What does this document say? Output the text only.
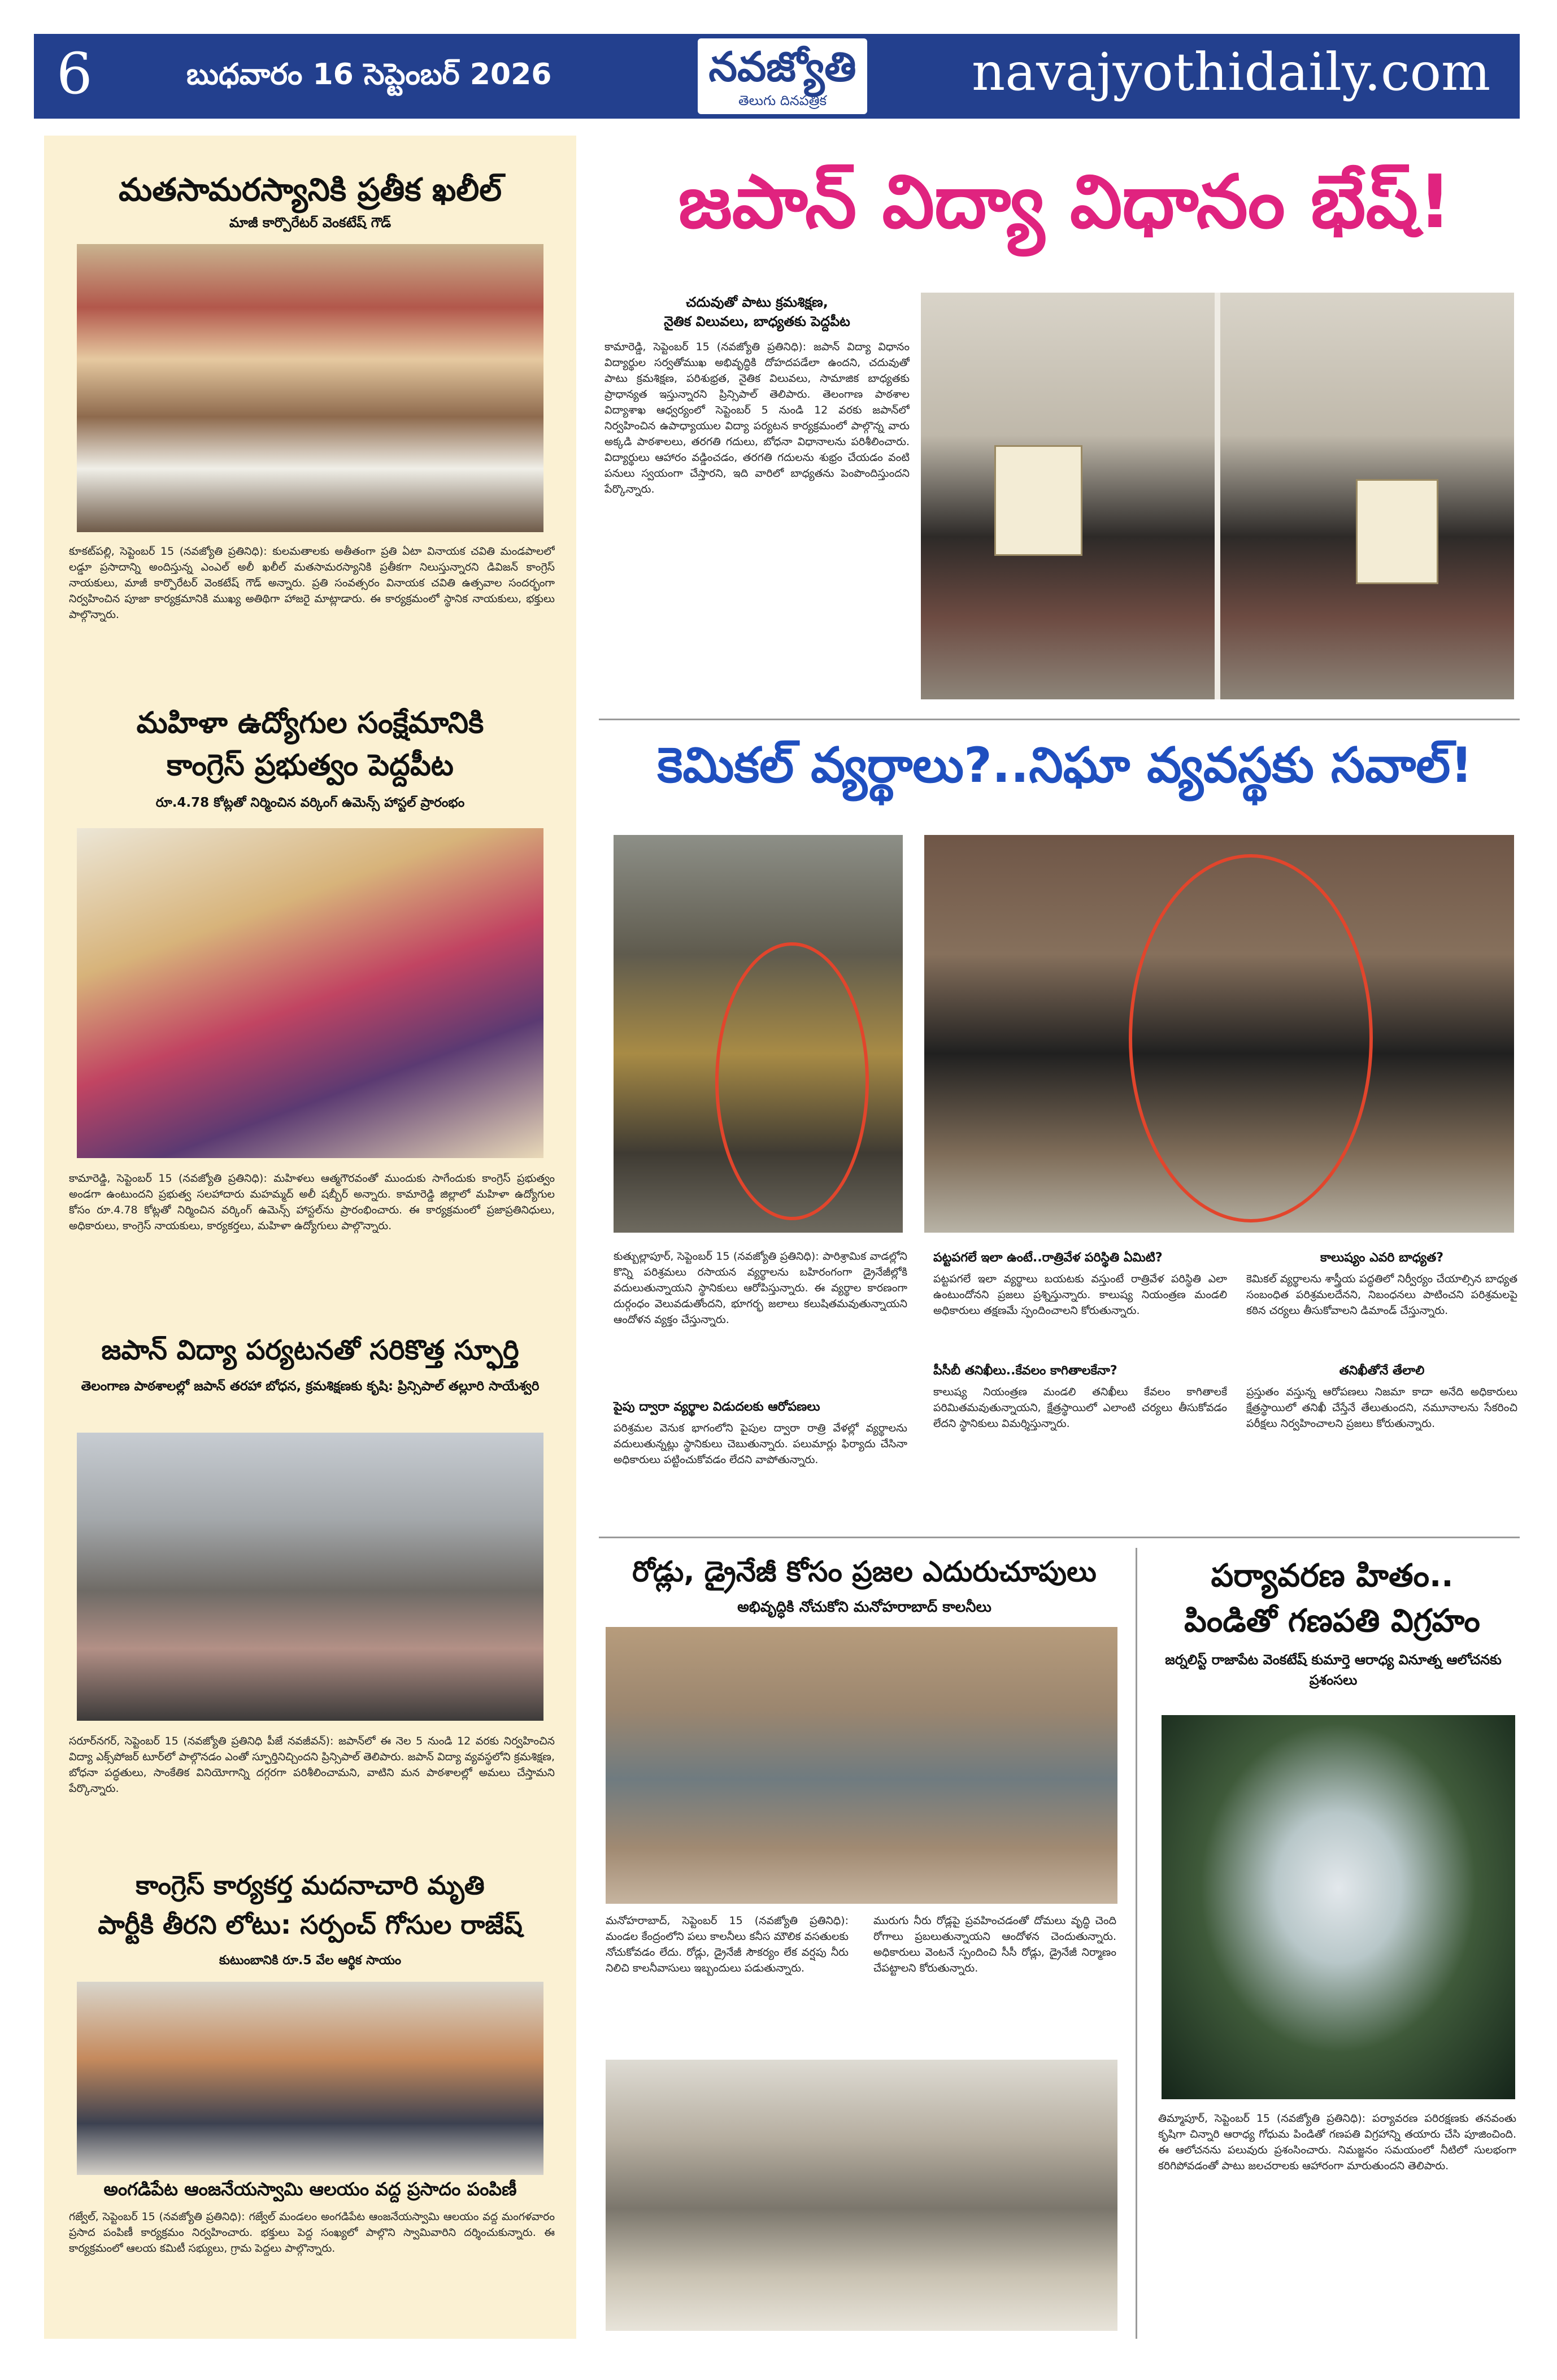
6	బుధవారం 16 సెప్టెంబర్ 2026	నవజ్యోతి
తెలుగు దినపత్రిక	navajyothidaily.com
మతసామరస్యానికి ప్రతీక ఖలీల్
మాజీ కార్పొరేటర్ వెంకటేష్ గౌడ్
కూకట్‌పల్లి, సెప్టెంబర్ 15 (నవజ్యోతి ప్రతినిధి): కులమతాలకు అతీతంగా ప్రతి ఏటా వినాయక చవితి మండపాలలో లడ్డూ ప్రసాదాన్ని అందిస్తున్న ఎంఎల్ అలీ ఖలీల్ మతసామరస్యానికి ప్రతీకగా నిలుస్తున్నారని డివిజన్ కాంగ్రెస్ నాయకులు, మాజీ కార్పొరేటర్ వెంకటేష్ గౌడ్ అన్నారు. ప్రతి సంవత్సరం వినాయక చవితి ఉత్సవాల సందర్భంగా నిర్వహించిన పూజా కార్యక్రమానికి ముఖ్య అతిథిగా హాజరై మాట్లాడారు. ఈ కార్యక్రమంలో స్థానిక నాయకులు, భక్తులు పాల్గొన్నారు.
మహిళా ఉద్యోగుల సంక్షేమానికి
కాంగ్రెస్ ప్రభుత్వం పెద్దపీట
రూ.4.78 కోట్లతో నిర్మించిన వర్కింగ్ ఉమెన్స్ హాస్టల్ ప్రారంభం
కామారెడ్డి, సెప్టెంబర్ 15 (నవజ్యోతి ప్రతినిధి): మహిళలు ఆత్మగౌరవంతో ముందుకు సాగేందుకు కాంగ్రెస్ ప్రభుత్వం అండగా ఉంటుందని ప్రభుత్వ సలహాదారు మహమ్మద్ అలీ షబ్బీర్ అన్నారు. కామారెడ్డి జిల్లాలో మహిళా ఉద్యోగుల కోసం రూ.4.78 కోట్లతో నిర్మించిన వర్కింగ్ ఉమెన్స్ హాస్టల్‌ను ప్రారంభించారు. ఈ కార్యక్రమంలో ప్రజాప్రతినిధులు, అధికారులు, కాంగ్రెస్ నాయకులు, కార్యకర్తలు, మహిళా ఉద్యోగులు పాల్గొన్నారు.
జపాన్ విద్యా పర్యటనతో సరికొత్త స్ఫూర్తి
తెలంగాణ పాఠశాలల్లో జపాన్ తరహా బోధన, క్రమశిక్షణకు కృషి: ప్రిన్సిపాల్ తల్లూరి సాయేశ్వరి
సరూర్‌నగర్, సెప్టెంబర్ 15 (నవజ్యోతి ప్రతినిధి పీజే నవజీవన్): జపాన్‌లో ఈ నెల 5 నుండి 12 వరకు నిర్వహించిన విద్యా ఎక్స్‌పోజర్ టూర్‌లో పాల్గొనడం ఎంతో స్ఫూర్తినిచ్చిందని ప్రిన్సిపాల్ తెలిపారు. జపాన్ విద్యా వ్యవస్థలోని క్రమశిక్షణ, బోధనా పద్ధతులు, సాంకేతిక వినియోగాన్ని దగ్గరగా పరిశీలించామని, వాటిని మన పాఠశాలల్లో అమలు చేస్తామని పేర్కొన్నారు.
కాంగ్రెస్ కార్యకర్త మదనాచారి మృతి
పార్టీకి తీరని లోటు: సర్పంచ్ గోసుల రాజేష్
కుటుంబానికి రూ.5 వేల ఆర్థిక సాయం
అంగడిపేట ఆంజనేయస్వామి ఆలయం వద్ద ప్రసాదం పంపిణీ
గజ్వేల్, సెప్టెంబర్ 15 (నవజ్యోతి ప్రతినిధి): గజ్వేల్ మండలం అంగడిపేట ఆంజనేయస్వామి ఆలయం వద్ద మంగళవారం ప్రసాద పంపిణీ కార్యక్రమం నిర్వహించారు. భక్తులు పెద్ద సంఖ్యలో పాల్గొని స్వామివారిని దర్శించుకున్నారు. ఈ కార్యక్రమంలో ఆలయ కమిటీ సభ్యులు, గ్రామ పెద్దలు పాల్గొన్నారు.
జపాన్ విద్యా విధానం భేష్!
చదువుతో పాటు క్రమశిక్షణ,
నైతిక విలువలు, బాధ్యతకు పెద్దపీట
కామారెడ్డి, సెప్టెంబర్ 15 (నవజ్యోతి ప్రతినిధి): జపాన్ విద్యా విధానం విద్యార్థుల సర్వతోముఖ అభివృద్ధికి దోహదపడేలా ఉందని, చదువుతో పాటు క్రమశిక్షణ, పరిశుభ్రత, నైతిక విలువలు, సామాజిక బాధ్యతకు ప్రాధాన్యత ఇస్తున్నారని ప్రిన్సిపాల్ తెలిపారు. తెలంగాణ పాఠశాల విద్యాశాఖ ఆధ్వర్యంలో సెప్టెంబర్ 5 నుండి 12 వరకు జపాన్‌లో నిర్వహించిన ఉపాధ్యాయుల విద్యా పర్యటన కార్యక్రమంలో పాల్గొన్న వారు అక్కడి పాఠశాలలు, తరగతి గదులు, బోధనా విధానాలను పరిశీలించారు. విద్యార్థులు ఆహారం వడ్డించడం, తరగతి గదులను శుభ్రం చేయడం వంటి పనులు స్వయంగా చేస్తారని, ఇది వారిలో బాధ్యతను పెంపొందిస్తుందని పేర్కొన్నారు.
కెమికల్ వ్యర్థాలు?..నిఘా వ్యవస్థకు సవాల్!
కుత్బుల్లాపూర్, సెప్టెంబర్ 15 (నవజ్యోతి ప్రతినిధి): పారిశ్రామిక వాడల్లోని కొన్ని పరిశ్రమలు రసాయన వ్యర్థాలను బహిరంగంగా డ్రైనేజీల్లోకి వదులుతున్నాయని స్థానికులు ఆరోపిస్తున్నారు. ఈ వ్యర్థాల కారణంగా దుర్గంధం వెలువడుతోందని, భూగర్భ జలాలు కలుషితమవుతున్నాయని ఆందోళన వ్యక్తం చేస్తున్నారు.
పైపు ద్వారా వ్యర్థాల విడుదలకు ఆరోపణలు
పరిశ్రమల వెనుక భాగంలోని పైపుల ద్వారా రాత్రి వేళల్లో వ్యర్థాలను వదులుతున్నట్లు స్థానికులు చెబుతున్నారు. పలుమార్లు ఫిర్యాదు చేసినా అధికారులు పట్టించుకోవడం లేదని వాపోతున్నారు.
పట్టపగలే ఇలా ఉంటే..రాత్రివేళ పరిస్థితి ఏమిటి?
పట్టపగలే ఇలా వ్యర్థాలు బయటకు వస్తుంటే రాత్రివేళ పరిస్థితి ఎలా ఉంటుందోనని ప్రజలు ప్రశ్నిస్తున్నారు. కాలుష్య నియంత్రణ మండలి అధికారులు తక్షణమే స్పందించాలని కోరుతున్నారు.
పీసీబీ తనిఖీలు..కేవలం కాగితాలకేనా?
కాలుష్య నియంత్రణ మండలి తనిఖీలు కేవలం కాగితాలకే పరిమితమవుతున్నాయని, క్షేత్రస్థాయిలో ఎలాంటి చర్యలు తీసుకోవడం లేదని స్థానికులు విమర్శిస్తున్నారు.
కాలుష్యం ఎవరి బాధ్యత?
కెమికల్ వ్యర్థాలను శాస్త్రీయ పద్ధతిలో నిర్వీర్యం చేయాల్సిన బాధ్యత సంబంధిత పరిశ్రమలదేనని, నిబంధనలు పాటించని పరిశ్రమలపై కఠిన చర్యలు తీసుకోవాలని డిమాండ్ చేస్తున్నారు.
తనిఖీతోనే తేలాలి
ప్రస్తుతం వస్తున్న ఆరోపణలు నిజమా కాదా అనేది అధికారులు క్షేత్రస్థాయిలో తనిఖీ చేస్తేనే తేలుతుందని, నమూనాలను సేకరించి పరీక్షలు నిర్వహించాలని ప్రజలు కోరుతున్నారు.
రోడ్లు, డ్రైనేజీ కోసం ప్రజల ఎదురుచూపులు
అభివృద్ధికి నోచుకోని మనోహరాబాద్ కాలనీలు
మనోహరాబాద్, సెప్టెంబర్ 15 (నవజ్యోతి ప్రతినిధి): మండల కేంద్రంలోని పలు కాలనీలు కనీస మౌలిక వసతులకు నోచుకోవడం లేదు. రోడ్లు, డ్రైనేజీ సౌకర్యం లేక వర్షపు నీరు నిలిచి కాలనీవాసులు ఇబ్బందులు పడుతున్నారు.
మురుగు నీరు రోడ్లపై ప్రవహించడంతో దోమలు వృద్ధి చెంది రోగాలు ప్రబలుతున్నాయని ఆందోళన చెందుతున్నారు. అధికారులు వెంటనే స్పందించి సీసీ రోడ్లు, డ్రైనేజీ నిర్మాణం చేపట్టాలని కోరుతున్నారు.
పర్యావరణ హితం..
పిండితో గణపతి విగ్రహం
జర్నలిస్ట్ రాజాపేట వెంకటేష్ కుమార్తె ఆరాధ్య వినూత్న ఆలోచనకు ప్రశంసలు
తిమ్మాపూర్, సెప్టెంబర్ 15 (నవజ్యోతి ప్రతినిధి): పర్యావరణ పరిరక్షణకు తనవంతు కృషిగా చిన్నారి ఆరాధ్య గోధుమ పిండితో గణపతి విగ్రహాన్ని తయారు చేసి పూజించింది. ఈ ఆలోచనను పలువురు ప్రశంసించారు. నిమజ్జనం సమయంలో నీటిలో సులభంగా కరిగిపోవడంతో పాటు జలచరాలకు ఆహారంగా మారుతుందని తెలిపారు.
